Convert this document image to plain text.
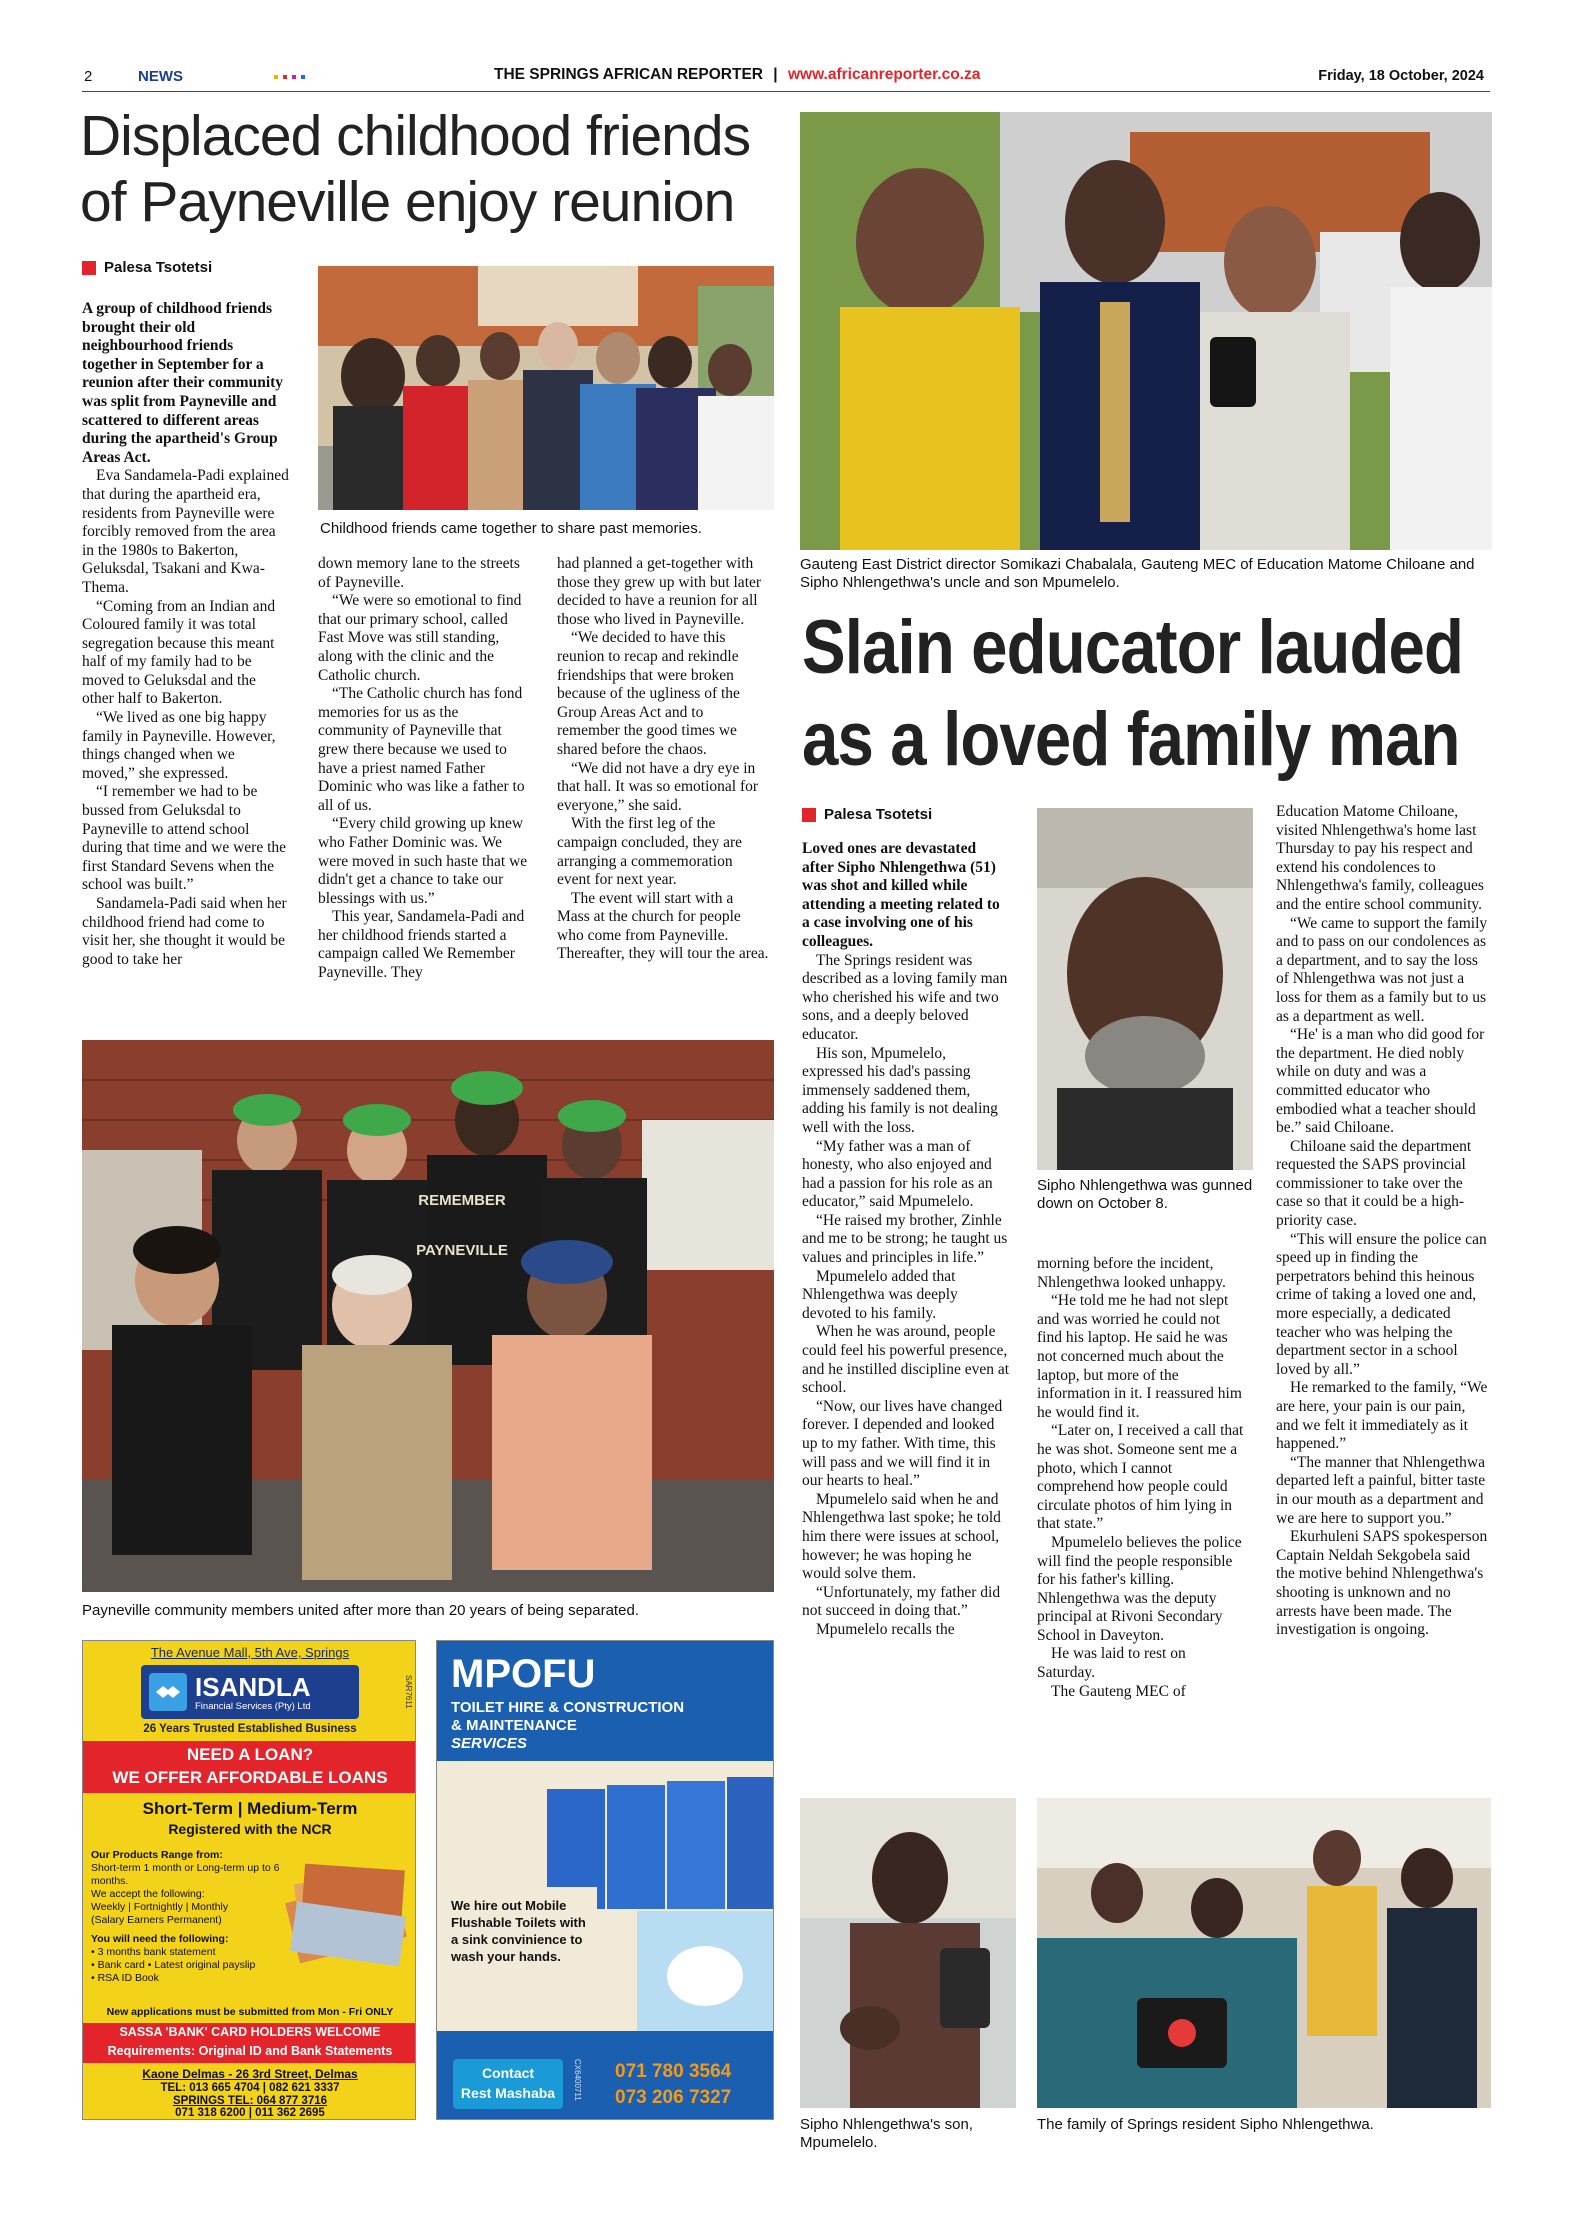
2	NEWS	THE SPRINGS AFRICAN REPORTER | www.africanreporter.co.za	Friday, 18 October, 2024
Displaced childhood friends
of Payneville enjoy reunion
Palesa Tsotetsi
Childhood friends came together to share past memories.

A group of childhood friends brought their old neighbourhood friends together in September for a reunion after their community was split from Payneville and scattered to different areas during the apartheid's Group Areas Act.

Eva Sandamela-Padi explained that during the apartheid era, residents from Payneville were forcibly removed from the area in the 1980s to Bakerton, Geluksdal, Tsakani and Kwa-Thema.

“Coming from an Indian and Coloured family it was total segregation because this meant half of my family had to be moved to Geluksdal and the other half to Bakerton.

“We lived as one big happy family in Payneville. However, things changed when we moved,” she expressed.

“I remember we had to be bussed from Geluksdal to Payneville to attend school during that time and we were the first Standard Sevens when the school was built.”

Sandamela-Padi said when her childhood friend had come to visit her, she thought it would be good to take her

down memory lane to the streets of Payneville.

“We were so emotional to find that our primary school, called Fast Move was still standing, along with the clinic and the Catholic church.

“The Catholic church has fond memories for us as the community of Payneville that grew there because we used to have a priest named Father Dominic who was like a father to all of us.

“Every child growing up knew who Father Dominic was. We were moved in such haste that we didn't get a chance to take our blessings with us.”

This year, Sandamela-Padi and her childhood friends started a campaign called We Remember Payneville. They

had planned a get-together with those they grew up with but later decided to have a reunion for all those who lived in Payneville.

“We decided to have this reunion to recap and rekindle friendships that were broken because of the ugliness of the Group Areas Act and to remember the good times we shared before the chaos.

“We did not have a dry eye in that hall. It was so emotional for everyone,” she said.

With the first leg of the campaign concluded, they are arranging a commemoration event for next year.

The event will start with a Mass at the church for people who come from Payneville. Thereafter, they will tour the area.

REMEMBER
PAYNEVILLE
Payneville community members united after more than 20 years of being separated.
Gauteng East District director Somikazi Chabalala, Gauteng MEC of Education Matome Chiloane and Sipho Nhlengethwa's uncle and son Mpumelelo.
Slain educator lauded
as a loved family man
Palesa Tsotetsi
Sipho Nhlengethwa was gunned down on October 8.

Loved ones are devastated after Sipho Nhlengethwa (51) was shot and killed while attending a meeting related to a case involving one of his colleagues.

The Springs resident was described as a loving family man who cherished his wife and two sons, and a deeply beloved educator.

His son, Mpumelelo, expressed his dad's passing immensely saddened them, adding his family is not dealing well with the loss.

“My father was a man of honesty, who also enjoyed and had a passion for his role as an educator,” said Mpumelelo.

“He raised my brother, Zinhle and me to be strong; he taught us values and principles in life.”

Mpumelelo added that Nhlengethwa was deeply devoted to his family.

When he was around, people could feel his powerful presence, and he instilled discipline even at school.

“Now, our lives have changed forever. I depended and looked up to my father. With time, this will pass and we will find it in our hearts to heal.”

Mpumelelo said when he and Nhlengethwa last spoke; he told him there were issues at school, however; he was hoping he would solve them.

“Unfortunately, my father did not succeed in doing that.”

Mpumelelo recalls the

morning before the incident, Nhlengethwa looked unhappy.

“He told me he had not slept and was worried he could not find his laptop. He said he was not concerned much about the laptop, but more of the information in it. I reassured him he would find it.

“Later on, I received a call that he was shot. Someone sent me a photo, which I cannot comprehend how people could circulate photos of him lying in that state.”

Mpumelelo believes the police will find the people responsible for his father's killing. Nhlengethwa was the deputy principal at Rivoni Secondary School in Daveyton.

He was laid to rest on Saturday.

The Gauteng MEC of

Education Matome Chiloane, visited Nhlengethwa's home last Thursday to pay his respect and extend his condolences to Nhlengethwa's family, colleagues and the entire school community.

“We came to support the family and to pass on our condolences as a department, and to say the loss of Nhlengethwa was not just a loss for them as a family but to us as a department as well.

“He' is a man who did good for the department. He died nobly while on duty and was a committed educator who embodied what a teacher should be.” said Chiloane.

Chiloane said the department requested the SAPS provincial commissioner to take over the case so that it could be a high-priority case.

“This will ensure the police can speed up in finding the perpetrators behind this heinous crime of taking a loved one and, more especially, a dedicated teacher who was helping the department sector in a school loved by all.”

He remarked to the family, “We are here, your pain is our pain, and we felt it immediately as it happened.”

“The manner that Nhlengethwa departed left a painful, bitter taste in our mouth as a department and we are here to support you.”

Ekurhuleni SAPS spokesperson Captain Neldah Sekgobela said the motive behind Nhlengethwa's shooting is unknown and no arrests have been made. The investigation is ongoing.

Sipho Nhlengethwa's son, Mpumelelo.
The family of Springs resident Sipho Nhlengethwa.
The Avenue Mall, 5th Ave, Springs
ISANDLA
Financial Services (Pty) Ltd	SAR7611
26 Years Trusted Established Business
NEED A LOAN?
WE OFFER AFFORDABLE LOANS
Short-Term | Medium-Term
Registered with the NCR
Our Products Range from:
Short-term 1 month or Long-term up to 6 months.
We accept the following:
Weekly | Fortnightly | Monthly
(Salary Earners Permanent)
You will need the following:
• 3 months bank statement
• Bank card • Latest original payslip
• RSA ID Book
New applications must be submitted from Mon - Fri ONLY
SASSA 'BANK' CARD HOLDERS WELCOME
Requirements: Original ID and Bank Statements
Kaone Delmas - 26 3rd Street, Delmas
TEL: 013 665 4704 | 082 621 3337
SPRINGS TEL: 064 877 3716
071 318 6200 | 011 362 2695
MPOFU
TOILET HIRE & CONSTRUCTION
& MAINTENANCE
SERVICES
We hire out Mobile Flushable Toilets with a sink convinience to wash your hands.
Contact
Rest Mashaba
071 780 3564
073 206 7327
CX6400711
